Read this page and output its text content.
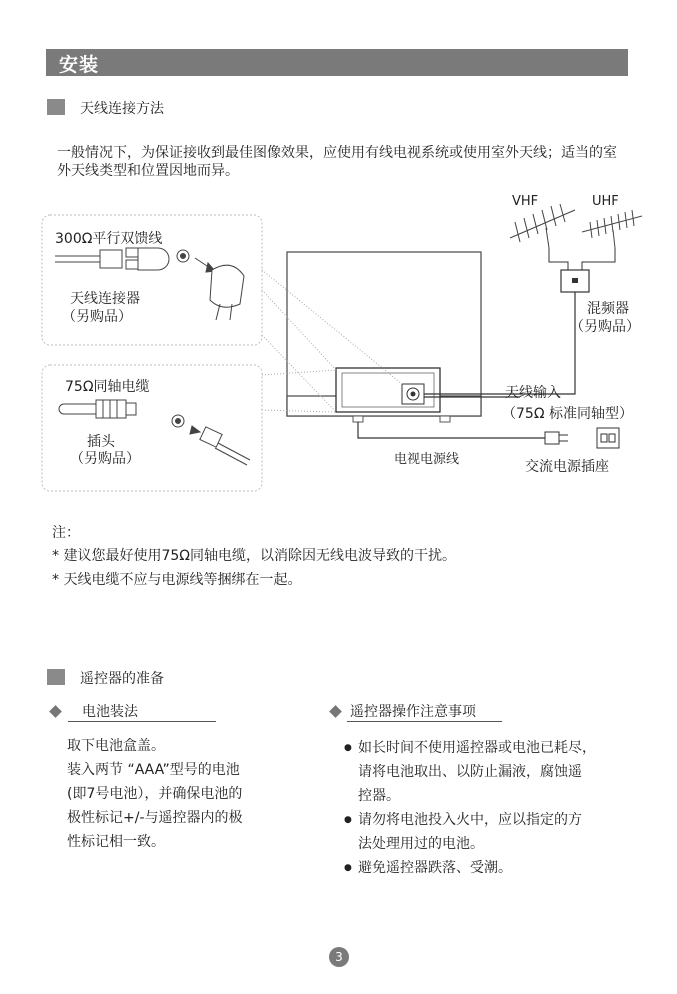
安装
天线连接方法
一般情况下，为保证接收到最佳图像效果，应使用有线电视系统或使用室外天线；适当的室外天线类型和位置因地而异。
300Ω平行双馈线
天线连接器
（另购品）
75Ω同轴电缆
插头
（另购品）
VHF	UHF
混频器
（另购品）
天线输入
（75Ω 标准同轴型）
电视电源线	交流电源插座
注：
* 建议您最好使用75Ω同轴电缆，以消除因无线电波导致的干扰。
* 天线电缆不应与电源线等捆绑在一起。
遥控器的准备
电池装法
取下电池盒盖。
装入两节 “AAA”型号的电池
(即7号电池），并确保电池的
极性标记+/-与遥控器内的极
性标记相一致。
遥控器操作注意事项
● 如长时间不使用遥控器或电池已耗尽，
请将电池取出、以防止漏液，腐蚀遥
控器。
● 请勿将电池投入火中，应以指定的方
法处理用过的电池。
● 避免遥控器跌落、受潮。
3
